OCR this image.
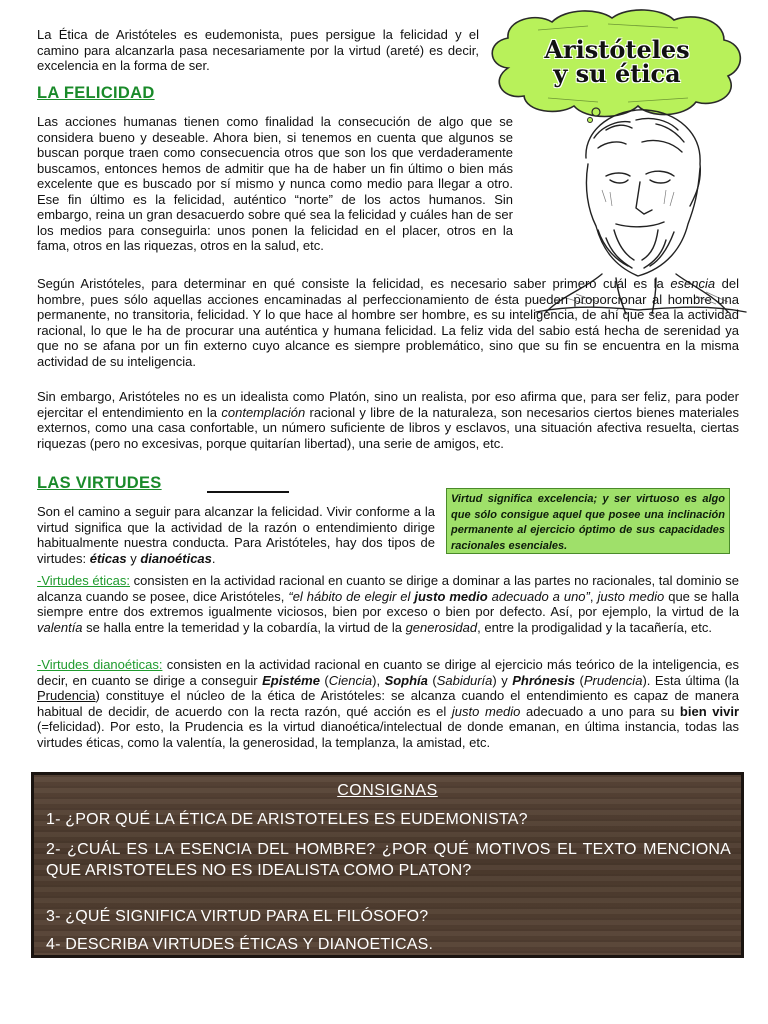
La Ética de Aristóteles es eudemonista, pues persigue la felicidad y el camino para alcanzarla pasa necesariamente por la virtud (areté) es decir, excelencia en la forma de ser.

Aristóteles
y su ética
LA FELICIDAD

Las acciones humanas tienen como finalidad la consecución de algo que se considera bueno y deseable. Ahora bien, si tenemos en cuenta que algunos se buscan porque traen como consecuencia otros que son los que verdaderamente buscamos, entonces hemos de admitir que ha de haber un fin último o bien más excelente que es buscado por sí mismo y nunca como medio para llegar a otro. Ese fin último es la felicidad, auténtico “norte” de los actos humanos. Sin embargo, reina un gran desacuerdo sobre qué sea la felicidad y cuáles han de ser los medios para conseguirla: unos ponen la felicidad en el placer, otros en la fama, otros en las riquezas, otros en la salud, etc.

Según Aristóteles, para determinar en qué consiste la felicidad, es necesario saber primero cuál es la esencia del hombre, pues sólo aquellas acciones encaminadas al perfeccionamiento de ésta pueden proporcionar al hombre una permanente, no transitoria, felicidad. Y lo que hace al hombre ser hombre, es su inteligencia, de ahí que sea la actividad racional, lo que le ha de procurar una auténtica y humana felicidad. La feliz vida del sabio está hecha de serenidad ya que no se afana por un fin externo cuyo alcance es siempre problemático, sino que su fin se encuentra en la misma actividad de su inteligencia.

Sin embargo, Aristóteles no es un idealista como Platón, sino un realista, por eso afirma que, para ser feliz, para poder ejercitar el entendimiento en la contemplación racional y libre de la naturaleza, son necesarios ciertos bienes materiales externos, como una casa confortable, un número suficiente de libros y esclavos, una situación afectiva resuelta, ciertas riquezas (pero no excesivas, porque quitarían libertad), una serie de amigos, etc.

LAS VIRTUDES

Son el camino a seguir para alcanzar la felicidad. Vivir conforme a la virtud significa que la actividad de la razón o entendimiento dirige habitualmente nuestra conducta. Para Aristóteles, hay dos tipos de virtudes: éticas y dianoéticas.

Virtud significa excelencia; y ser virtuoso es algo que sólo consigue aquel que posee una inclinación permanente al ejercicio óptimo de sus capacidades racionales esenciales.

-Virtudes éticas: consisten en la actividad racional en cuanto se dirige a dominar a las partes no racionales, tal dominio se alcanza cuando se posee, dice Aristóteles, “el hábito de elegir el justo medio adecuado a uno”, justo medio que se halla siempre entre dos extremos igualmente viciosos, bien por exceso o bien por defecto. Así, por ejemplo, la virtud de la valentía se halla entre la temeridad y la cobardía, la virtud de la generosidad, entre la prodigalidad y la tacañería, etc.

-Virtudes dianoéticas: consisten en la actividad racional en cuanto se dirige al ejercicio más teórico de la inteligencia, es decir, en cuanto se dirige a conseguir Epistéme (Ciencia), Sophía (Sabiduría) y Phrónesis (Prudencia). Esta última (la Prudencia) constituye el núcleo de la ética de Aristóteles: se alcanza cuando el entendimiento es capaz de manera habitual de decidir, de acuerdo con la recta razón, qué acción es el justo medio adecuado a uno para su bien vivir (=felicidad). Por esto, la Prudencia es la virtud dianoética/intelectual de donde emanan, en última instancia, todas las virtudes éticas, como la valentía, la generosidad, la templanza, la amistad, etc.

CONSIGNAS

1- ¿POR QUÉ LA ÉTICA DE ARISTOTELES ES EUDEMONISTA?

2- ¿CUÁL ES LA ESENCIA DEL HOMBRE? ¿POR QUÉ MOTIVOS EL TEXTO MENCIONA QUE ARISTOTELES NO ES IDEALISTA COMO PLATON?

3- ¿QUÉ SIGNIFICA VIRTUD PARA EL FILÓSOFO?

4- DESCRIBA VIRTUDES ÉTICAS Y DIANOETICAS.
